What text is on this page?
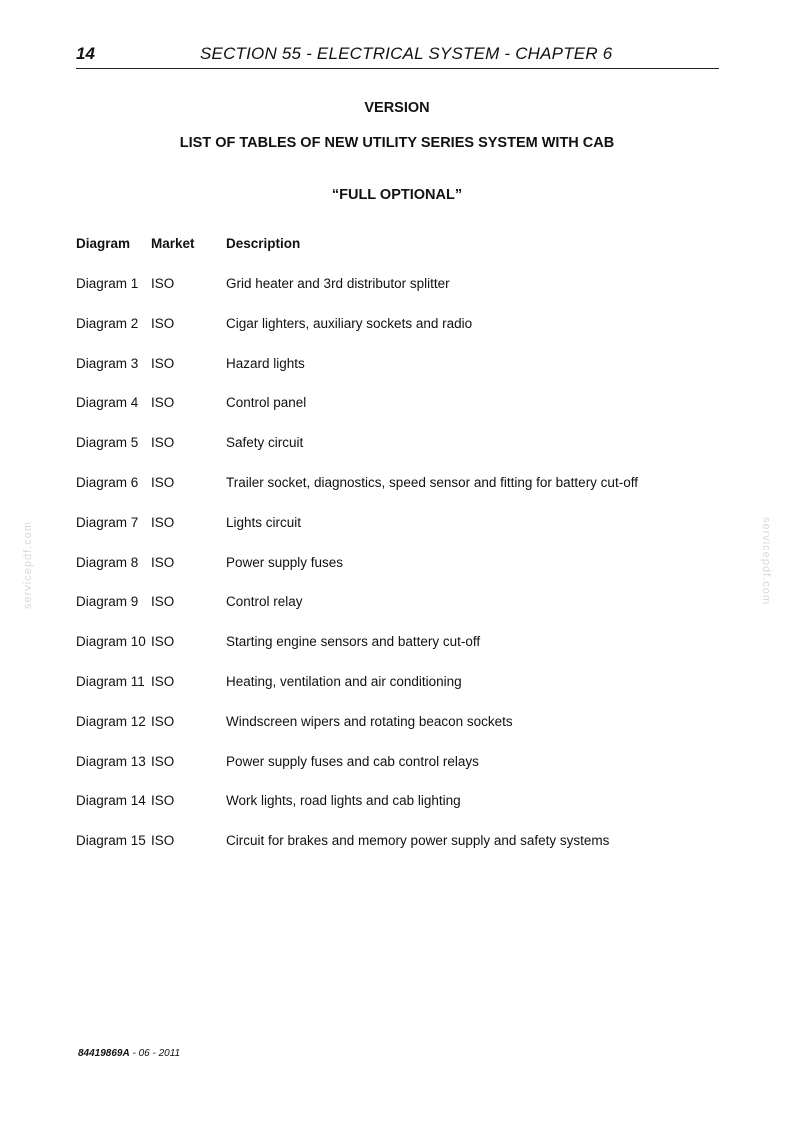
14	SECTION 55 - ELECTRICAL SYSTEM - CHAPTER 6
VERSION
LIST OF TABLES OF NEW UTILITY SERIES SYSTEM WITH CAB
“FULL OPTIONAL”
Diagram Market Description
Diagram 1 ISO	Grid heater and 3rd distributor splitter
Diagram 2 ISO	Cigar lighters, auxiliary sockets and radio
Diagram 3 ISO	Hazard lights
Diagram 4 ISO	Control panel
Diagram 5 ISO	Safety circuit
Diagram 6 ISO	Trailer socket, diagnostics, speed sensor and fitting for battery cut-off
Diagram 7 ISO	Lights circuit
Diagram 8 ISO	Power supply fuses
Diagram 9 ISO	Control relay
Diagram 10 ISO	Starting engine sensors and battery cut-off
Diagram 11 ISO	Heating, ventilation and air conditioning
Diagram 12 ISO	Windscreen wipers and rotating beacon sockets
Diagram 13 ISO	Power supply fuses and cab control relays
Diagram 14 ISO	Work lights, road lights and cab lighting
Diagram 15 ISO	Circuit for brakes and memory power supply and safety systems
84419869A - 06 - 2011
servicepdf.com	servicepdf.com
